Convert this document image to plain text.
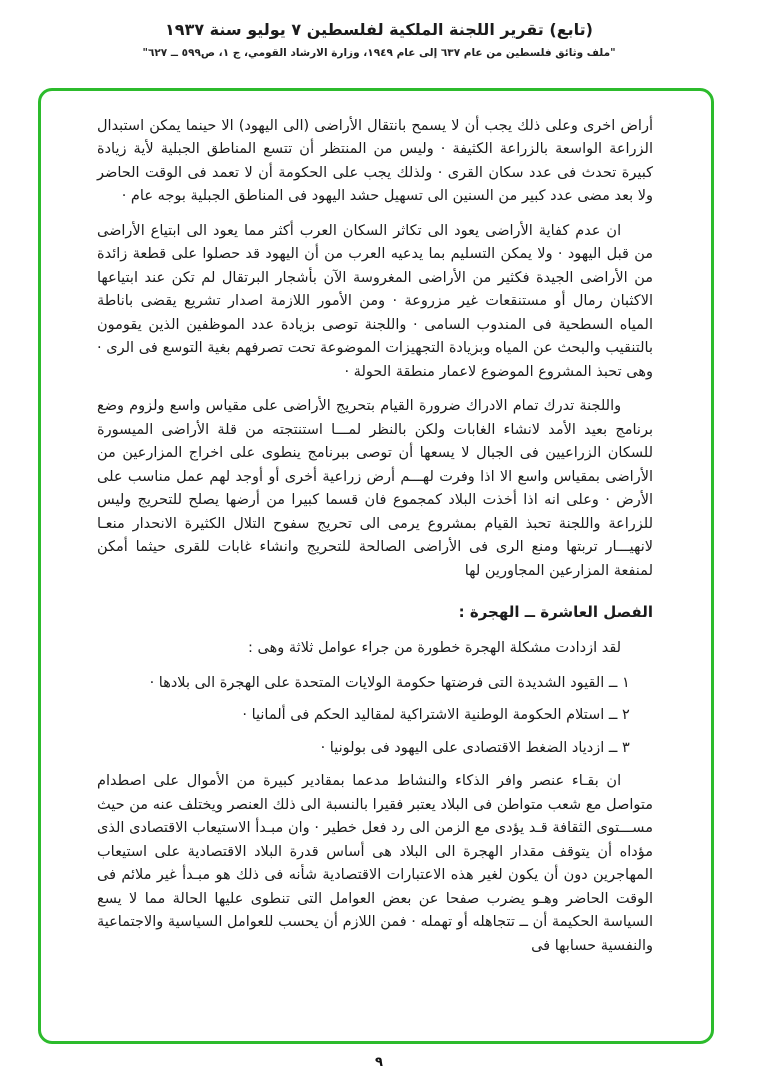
(تابع) تقرير اللجنة الملكية لفلسطين ٧ يوليو سنة ١٩٣٧
"ملف وثائق فلسطين من عام ٦٣٧ إلى عام ١٩٤٩، وزارة الارشاد القومي، ج ١، ص٥٩٩ ــ ٦٢٧"

أراض اخرى وعلى ذلك يجب أن لا يسمح بانتقال الأراضى (الى اليهود) الا حينما يمكن استبدال الزراعة الواسعة بالزراعة الكثيفة · وليس من المنتظر أن تتسع المناطق الجبلية لأية زيادة كبيرة تحدث فى عدد سكان القرى · ولذلك يجب على الحكومة أن لا تعمد فى الوقت الحاضر ولا بعد مضى عدد كبير من السنين الى تسهيل حشد اليهود فى المناطق الجبلية بوجه عام ·

ان عدم كفاية الأراضى يعود الى تكاثر السكان العرب أكثر مما يعود الى ابتياع الأراضى من قبل اليهود · ولا يمكن التسليم بما يدعيه العرب من أن اليهود قد حصلوا على قطعة زائدة من الأراضى الجيدة فكثير من الأراضى المغروسة الآن بأشجار البرتقال لم تكن عند ابتياعها الاكثبان رمال أو مستنقعات غير مزروعة · ومن الأمور اللازمة اصدار تشريع يقضى باناطة المياه السطحية فى المندوب السامى · واللجنة توصى بزيادة عدد الموظفين الذين يقومون بالتنقيب والبحث عن المياه وبزيادة التجهيزات الموضوعة تحت تصرفهم بغية التوسع فى الرى · وهى تحبذ المشروع الموضوع لاعمار منطقة الحولة ·

واللجنة تدرك تمام الادراك ضرورة القيام بتحريج الأراضى على مقياس واسع ولزوم وضع برنامج بعيد الأمد لانشاء الغابات ولكن بالنظر لمـــا استنتجته من قلة الأراضى الميسورة للسكان الزراعيين فى الجبال لا يسعها أن توصى ببرنامج ينطوى على اخراج المزارعين من الأراضى بمقياس واسع الا اذا وفرت لهـــم أرض زراعية أخرى أو أوجد لهم عمل مناسب على الأرض · وعلى انه اذا أخذت البلاد كمجموع فان قسما كبيرا من أرضها يصلح للتحريج وليس للزراعة واللجنة تحبذ القيام بمشروع يرمى الى تحريج سفوح التلال الكثيرة الانحدار منعـا لانهيـــار تربتها ومنع الرى فى الأراضى الصالحة للتحريج وانشاء غابات للقرى حيثما أمكن لمنفعة المزارعين المجاورين لها

الفصل العاشرة ــ الهجرة :

لقد ازدادت مشكلة الهجرة خطورة من جراء عوامل ثلاثة وهى :

١ ــ القيود الشديدة التى فرضتها حكومة الولايات المتحدة على الهجرة الى بلادها ·
٢ ــ استلام الحكومة الوطنية الاشتراكية لمقاليد الحكم فى ألمانيا ·
٣ ــ ازدياد الضغط الاقتصادى على اليهود فى بولونيا ·

ان بقـاء عنصر وافر الذكاء والنشاط مدعما بمقادير كبيرة من الأموال على اصطدام متواصل مع شعب متواطن فى البلاد يعتبر فقيرا بالنسبة الى ذلك العنصر ويختلف عنه من حيث مســـتوى الثقافة قـد يؤدى مع الزمن الى رد فعل خطير · وان مبـدأ الاستيعاب الاقتصادى الذى مؤداه أن يتوقف مقدار الهجرة الى البلاد هى أساس قدرة البلاد الاقتصادية على استيعاب المهاجرين دون أن يكون لغير هذه الاعتبارات الاقتصادية شأنه فى ذلك هو مبـدأ غير ملائم فى الوقت الحاضر وهـو يضرب صفحا عن بعض العوامل التى تنطوى عليها الحالة مما لا يسع السياسة الحكيمة أن ــ تتجاهله أو تهمله · فمن اللازم أن يحسب للعوامل السياسية والاجتماعية والنفسية حسابها فى

٩
